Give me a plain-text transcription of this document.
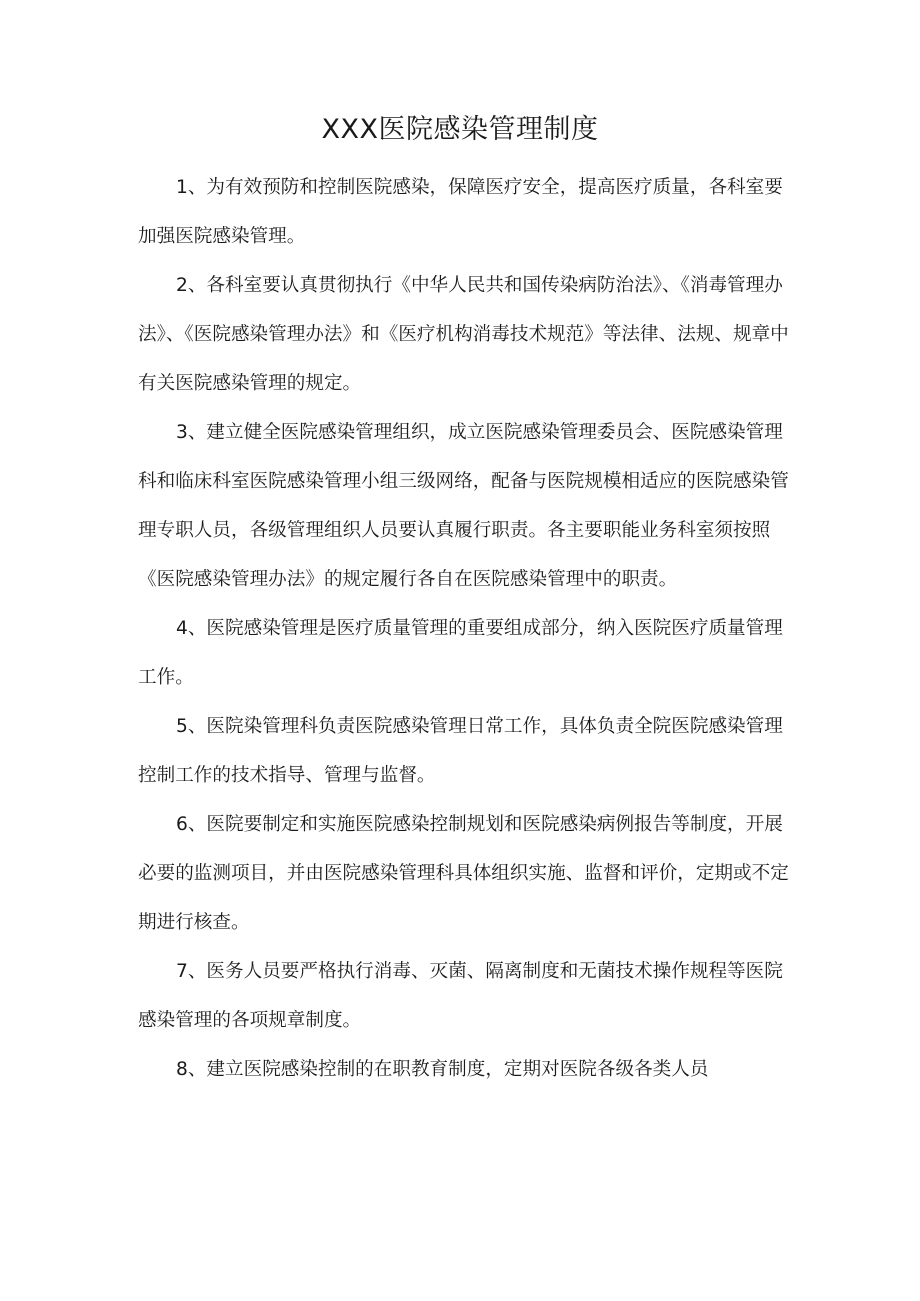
XXX医院感染管理制度

1、为有效预防和控制医院感染，保障医疗安全，提高医疗质量，各科室要加强医院感染管理。

2、各科室要认真贯彻执行《中华人民共和国传染病防治法》、《消毒管理办法》、《医院感染管理办法》和《医疗机构消毒技术规范》等法律、法规、规章中有关医院感染管理的规定。

3、建立健全医院感染管理组织，成立医院感染管理委员会、医院感染管理科和临床科室医院感染管理小组三级网络，配备与医院规模相适应的医院感染管理专职人员，各级管理组织人员要认真履行职责。各主要职能业务科室须按照《医院感染管理办法》的规定履行各自在医院感染管理中的职责。

4、医院感染管理是医疗质量管理的重要组成部分，纳入医院医疗质量管理工作。

5、医院染管理科负责医院感染管理日常工作，具体负责全院医院感染管理控制工作的技术指导、管理与监督。

6、医院要制定和实施医院感染控制规划和医院感染病例报告等制度，开展必要的监测项目，并由医院感染管理科具体组织实施、监督和评价，定期或不定期进行核查。

7、医务人员要严格执行消毒、灭菌、隔离制度和无菌技术操作规程等医院感染管理的各项规章制度。

8、建立医院感染控制的在职教育制度，定期对医院各级各类人员
